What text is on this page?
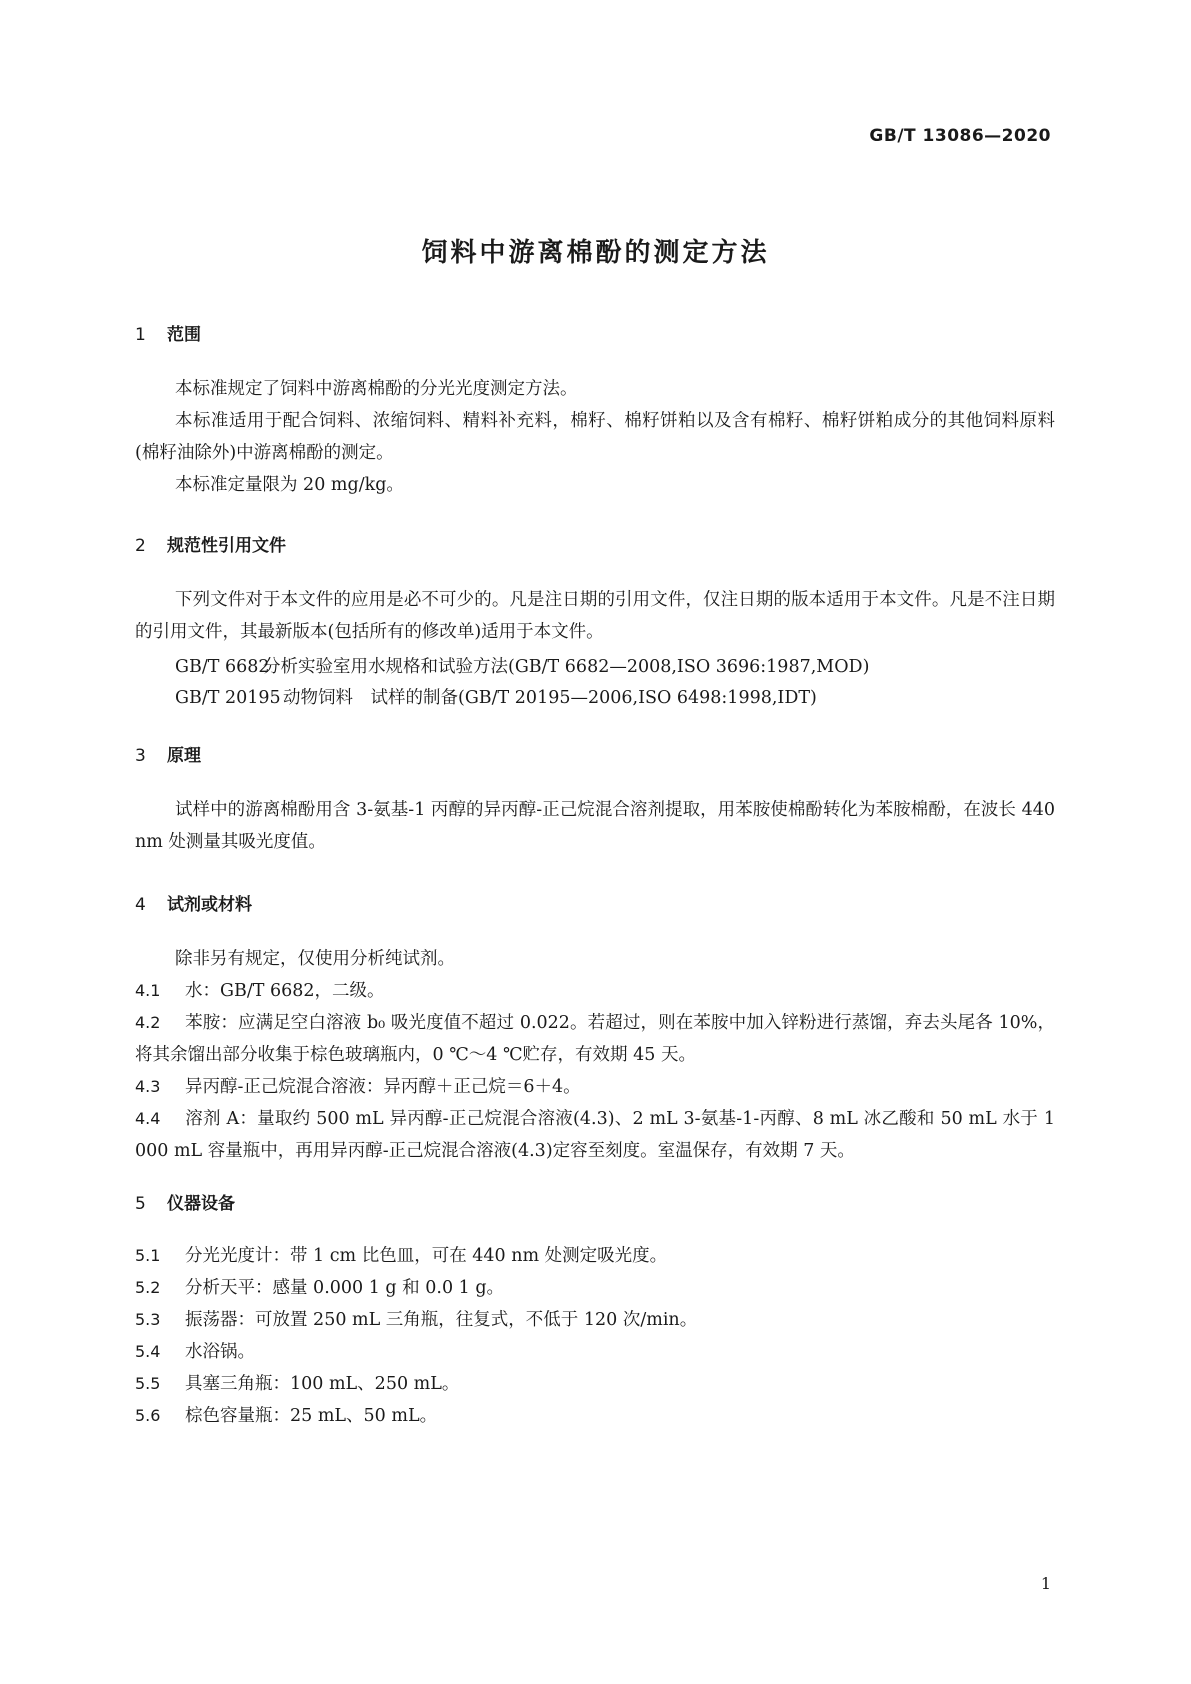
GB/T 13086—2020
饲料中游离棉酚的测定方法
1 范围
本标准规定了饲料中游离棉酚的分光光度测定方法。
本标准适用于配合饲料、浓缩饲料、精料补充料，棉籽、棉籽饼粕以及含有棉籽、棉籽饼粕成分的其他饲料原料(棉籽油除外)中游离棉酚的测定。
本标准定量限为 20 mg/kg。
2 规范性引用文件
下列文件对于本文件的应用是必不可少的。凡是注日期的引用文件，仅注日期的版本适用于本文件。凡是不注日期的引用文件，其最新版本(包括所有的修改单)适用于本文件。
GB/T 6682分析实验室用水规格和试验方法(GB/T 6682—2008,ISO 3696:1987,MOD)
GB/T 20195 动物饲料　试样的制备(GB/T 20195—2006,ISO 6498:1998,IDT)
3 原理
试样中的游离棉酚用含 3-氨基-1 丙醇的异丙醇-正己烷混合溶剂提取，用苯胺使棉酚转化为苯胺棉酚，在波长 440 nm 处测量其吸光度值。
4 试剂或材料
除非另有规定，仅使用分析纯试剂。
4.1 水：GB/T 6682，二级。
4.2 苯胺：应满足空白溶液 b₀ 吸光度值不超过 0.022。若超过，则在苯胺中加入锌粉进行蒸馏，弃去头尾各 10%，将其余馏出部分收集于棕色玻璃瓶内，0 ℃～4 ℃贮存，有效期 45 天。
4.3 异丙醇-正己烷混合溶液：异丙醇＋正己烷＝6＋4。
4.4 溶剂 A：量取约 500 mL 异丙醇-正己烷混合溶液(4.3)、2 mL 3-氨基-1-丙醇、8 mL 冰乙酸和 50 mL 水于 1 000 mL 容量瓶中，再用异丙醇-正己烷混合溶液(4.3)定容至刻度。室温保存，有效期 7 天。
5 仪器设备
5.1 分光光度计：带 1 cm 比色皿，可在 440 nm 处测定吸光度。
5.2 分析天平：感量 0.000 1 g 和 0.0 1 g。
5.3 振荡器：可放置 250 mL 三角瓶，往复式，不低于 120 次/min。
5.4 水浴锅。
5.5 具塞三角瓶：100 mL、250 mL。
5.6 棕色容量瓶：25 mL、50 mL。
1
